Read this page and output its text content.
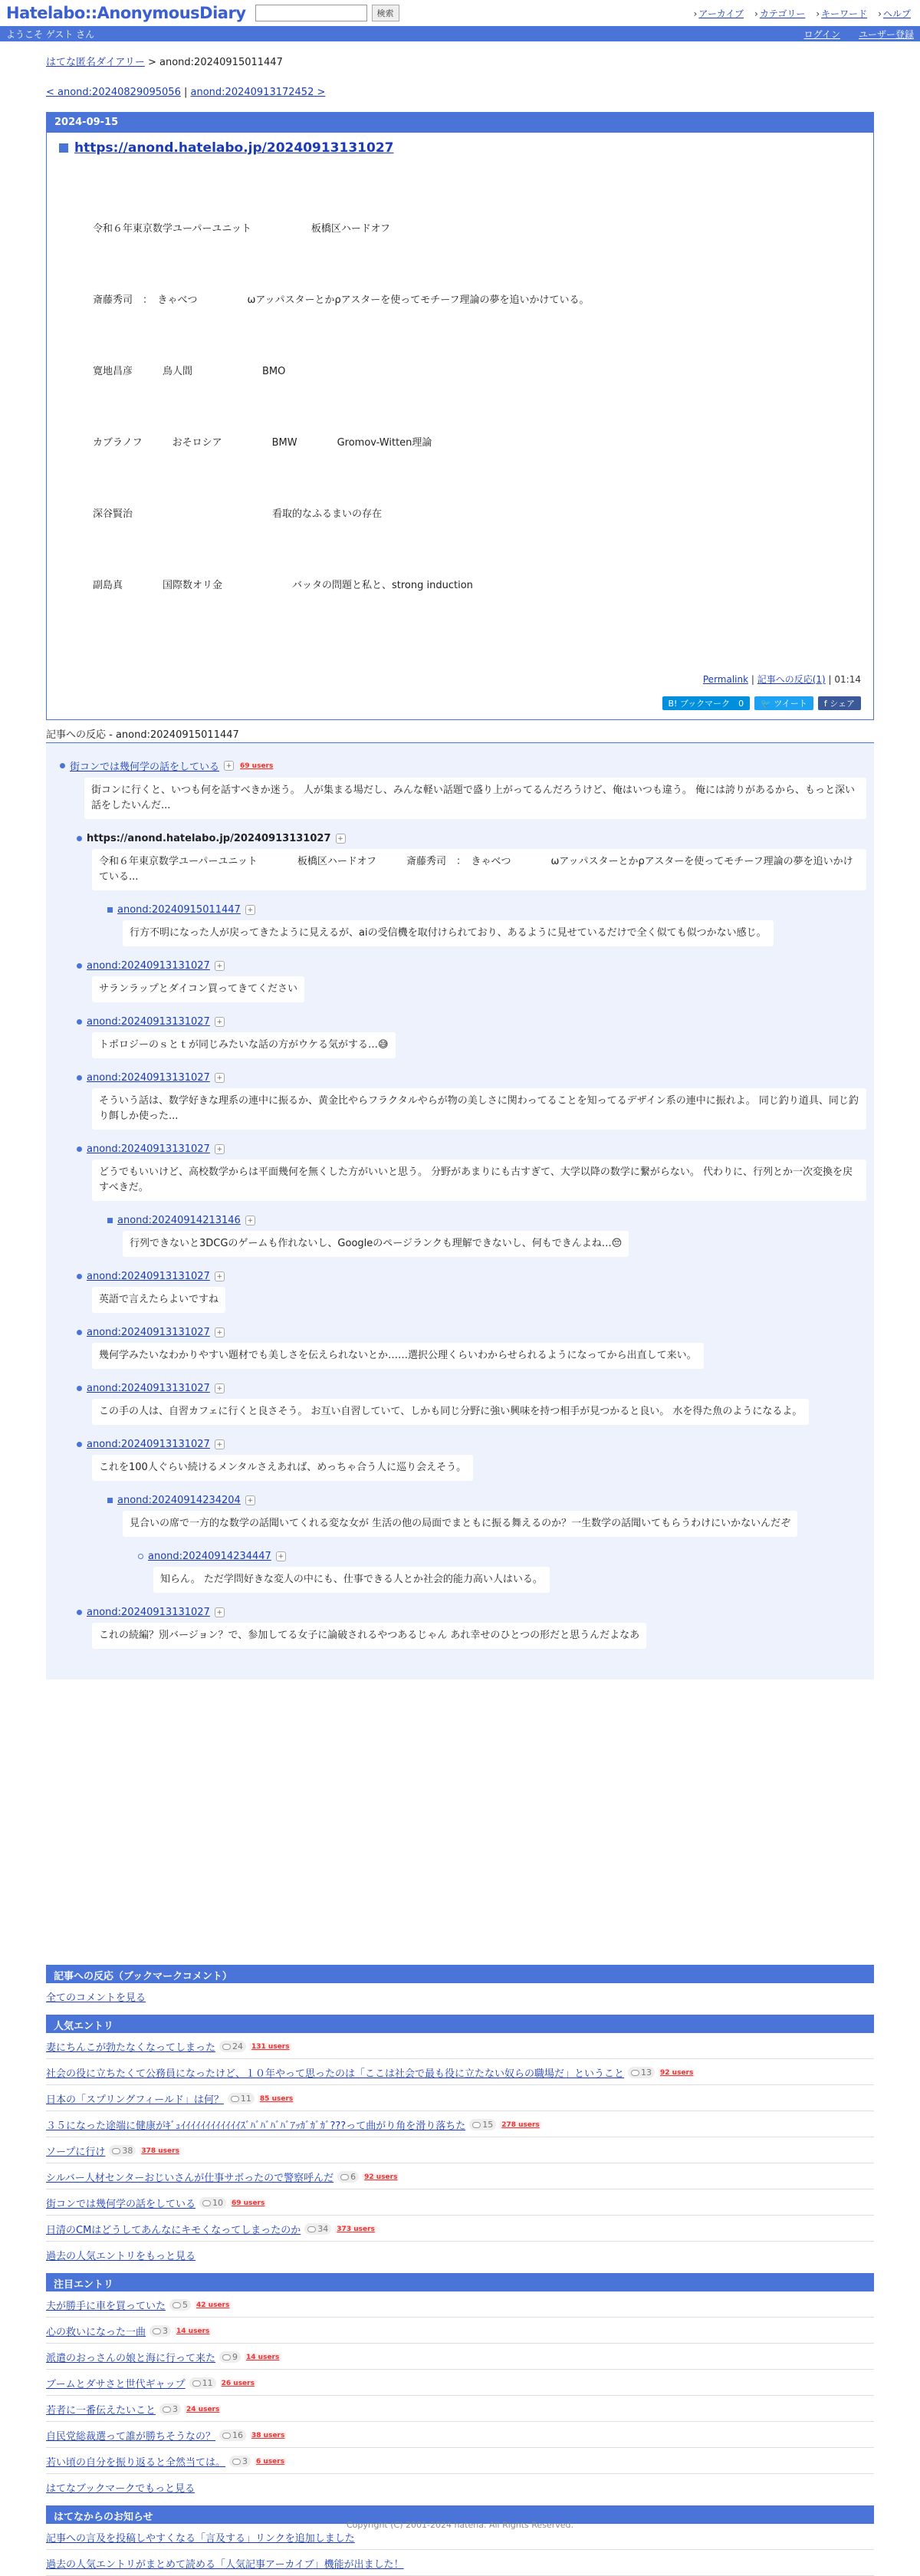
Hatelabo::AnonymousDiary	検索	› アーカイブ	› カテゴリー	› キーワード	› ヘルプ
ようこそ ゲスト さん	ログイン ユーザー登録
はてな匿名ダイアリー > anond:20240915011447
< anond:20240829095056 | anond:20240913172452 >
2024-09-15
https://anond.hatelabo.jp/20240913131027

令和６年東京数学ユーパーユニット　　　　　　板橋区ハードオフ

斎藤秀司　：　きゃべつ　　　　　ωアッパスターとかρアスターを使ってモチーフ理論の夢を追いかけている。

寛地昌彦　　　鳥人間　　　　　　　BMO

カブラノフ　　　おそロシア　　　　　BMW　　　　Gromov-Witten理論

深谷賢治　　　　　　　　　　　　　　看取的なふるまいの存在

副島真　　　　国際数オリ金　　　　　　　バッタの問題と私と、strong induction

Permalink | 記事への反応(1) | 01:14
B! ブックマーク　0	🐦 ツイート f シェア
記事への反応 - anond:20240915011447
街コンでは幾何学の話をしている +	69 users
街コンに行くと、いつも何を話すべきか迷う。 人が集まる場だし、みんな軽い話題で盛り上がってるんだろうけど、俺はいつも違う。 俺には誇りがあるから、もっと深い話をしたいんだ...
https://anond.hatelabo.jp/20240913131027 +
令和６年東京数学ユーパーユニット　　　　板橋区ハードオフ　　　斎藤秀司　：　きゃべつ　　　　ωアッパスターとかρアスターを使ってモチーフ理論の夢を追いかけている...
anond:20240915011447 +
行方不明になった人が戻ってきたように見えるが、aiの受信機を取付けられており、あるように見せているだけで全く似ても似つかない感じ。
anond:20240913131027 +
サランラップとダイコン買ってきてください
anond:20240913131027 +
トポロジーのｓとｔが同じみたいな話の方がウケる気がする…😅
anond:20240913131027 +
そういう話は、数学好きな理系の連中に振るか、黄金比やらフラクタルやらが物の美しさに関わってることを知ってるデザイン系の連中に振れよ。 同じ釣り道具、同じ釣り餌しか使った...
anond:20240913131027 +
どうでもいいけど、高校数学からは平面幾何を無くした方がいいと思う。 分野があまりにも古すぎて、大学以降の数学に繋がらない。 代わりに、行列とか一次変換を戻すべきだ。
anond:20240914213146 +
行列できないと3DCGのゲームも作れないし、Googleのページランクも理解できないし、何もできんよね…😔
anond:20240913131027 +
英語で言えたらよいですね
anond:20240913131027 +
幾何学みたいなわかりやすい題材でも美しさを伝えられないとか……選択公理くらいわからせられるようになってから出直して来い。
anond:20240913131027 +
この手の人は、自習カフェに行くと良さそう。 お互い自習していて、しかも同じ分野に強い興味を持つ相手が見つかると良い。 水を得た魚のようになるよ。
anond:20240913131027 +
これを100人ぐらい続けるメンタルさえあれば、めっちゃ合う人に巡り会えそう。
anond:20240914234204 +
見合いの席で一方的な数学の話聞いてくれる変な女が 生活の他の局面でまともに振る舞えるのか？一生数学の話聞いてもらうわけにいかないんだぞ
anond:20240914234447 +
知らん。 ただ学問好きな変人の中にも、仕事できる人とか社会的能力高い人はいる。
anond:20240913131027 +
これの続編？別バージョン？で、参加してる女子に論破されるやつあるじゃん あれ幸せのひとつの形だと思うんだよなあ
記事への反応（ブックマークコメント）
全てのコメントを見る
人気エントリ
妻にちんこが勃たなくなってしまった 24 131 users
社会の役に立ちたくて公務員になったけど、１０年やって思ったのは「ここは社会で最も役に立たない奴らの職場だ」ということ 13 92 users
日本の「スプリングフィールド」は何？ 11 85 users
３５になった途端に健康がｷﾞｭｲｲｲｲｲｲｲｲｲｲｲｲｽﾞﾊﾞﾊﾞﾊﾞﾊﾞｱｯｶﾞｶﾞｶﾞ???って曲がり角を滑り落ちた 15 278 users
ソープに行け 38 378 users
シルバー人材センターおじいさんが仕事サボったので警察呼んだ 6 92 users
街コンでは幾何学の話をしている 10 69 users
日清のCMはどうしてあんなにキモくなってしまったのか 34 373 users
過去の人気エントリをもっと見る
注目エントリ
夫が勝手に車を買っていた 5 42 users
心の救いになった一曲 3 14 users
派遣のおっさんの娘と海に行って来た 9 14 users
ブームとダサさと世代ギャップ 11 26 users
若者に一番伝えたいこと 3 24 users
自民党総裁選って誰が勝ちそうなの？ 16 38 users
若い頃の自分を振り返ると全然当ては。 3 6 users
はてなブックマークでもっと見る
はてなからのお知らせ
記事への言及を投稿しやすくなる「言及する」リンクを追加しました
過去の人気エントリがまとめて読める「人気記事アーカイブ」機能が出ました！
Copyright (C) 2001-2024 hatena. All Rights Reserved.
